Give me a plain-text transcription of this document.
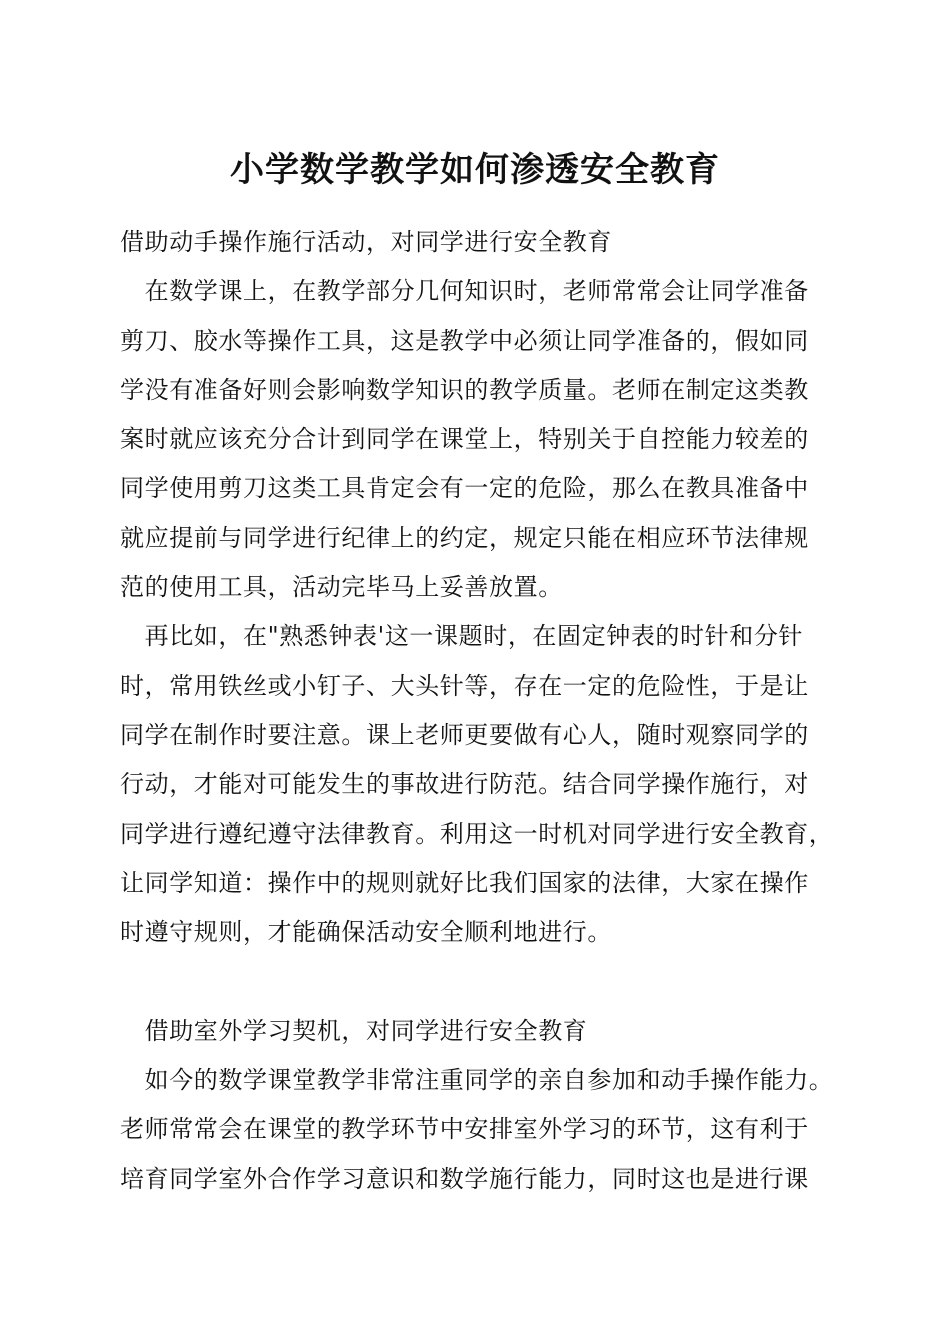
小学数学教学如何渗透安全教育
借助动手操作施行活动，对同学进行安全教育
　在数学课上，在教学部分几何知识时，老师常常会让同学准备
剪刀、胶水等操作工具，这是教学中必须让同学准备的，假如同
学没有准备好则会影响数学知识的教学质量。老师在制定这类教
案时就应该充分合计到同学在课堂上，特别关于自控能力较差的
同学使用剪刀这类工具肯定会有一定的危险，那么在教具准备中
就应提前与同学进行纪律上的约定，规定只能在相应环节法律规
范的使用工具，活动完毕马上妥善放置。
　再比如，在"熟悉钟表'这一课题时，在固定钟表的时针和分针
时，常用铁丝或小钉子、大头针等，存在一定的危险性，于是让
同学在制作时要注意。课上老师更要做有心人，随时观察同学的
行动，才能对可能发生的事故进行防范。结合同学操作施行，对
同学进行遵纪遵守法律教育。利用这一时机对同学进行安全教育，
让同学知道：操作中的规则就好比我们国家的法律，大家在操作
时遵守规则，才能确保活动安全顺利地进行。
　借助室外学习契机，对同学进行安全教育
　如今的数学课堂教学非常注重同学的亲自参加和动手操作能力。
老师常常会在课堂的教学环节中安排室外学习的环节，这有利于
培育同学室外合作学习意识和数学施行能力，同时这也是进行课
